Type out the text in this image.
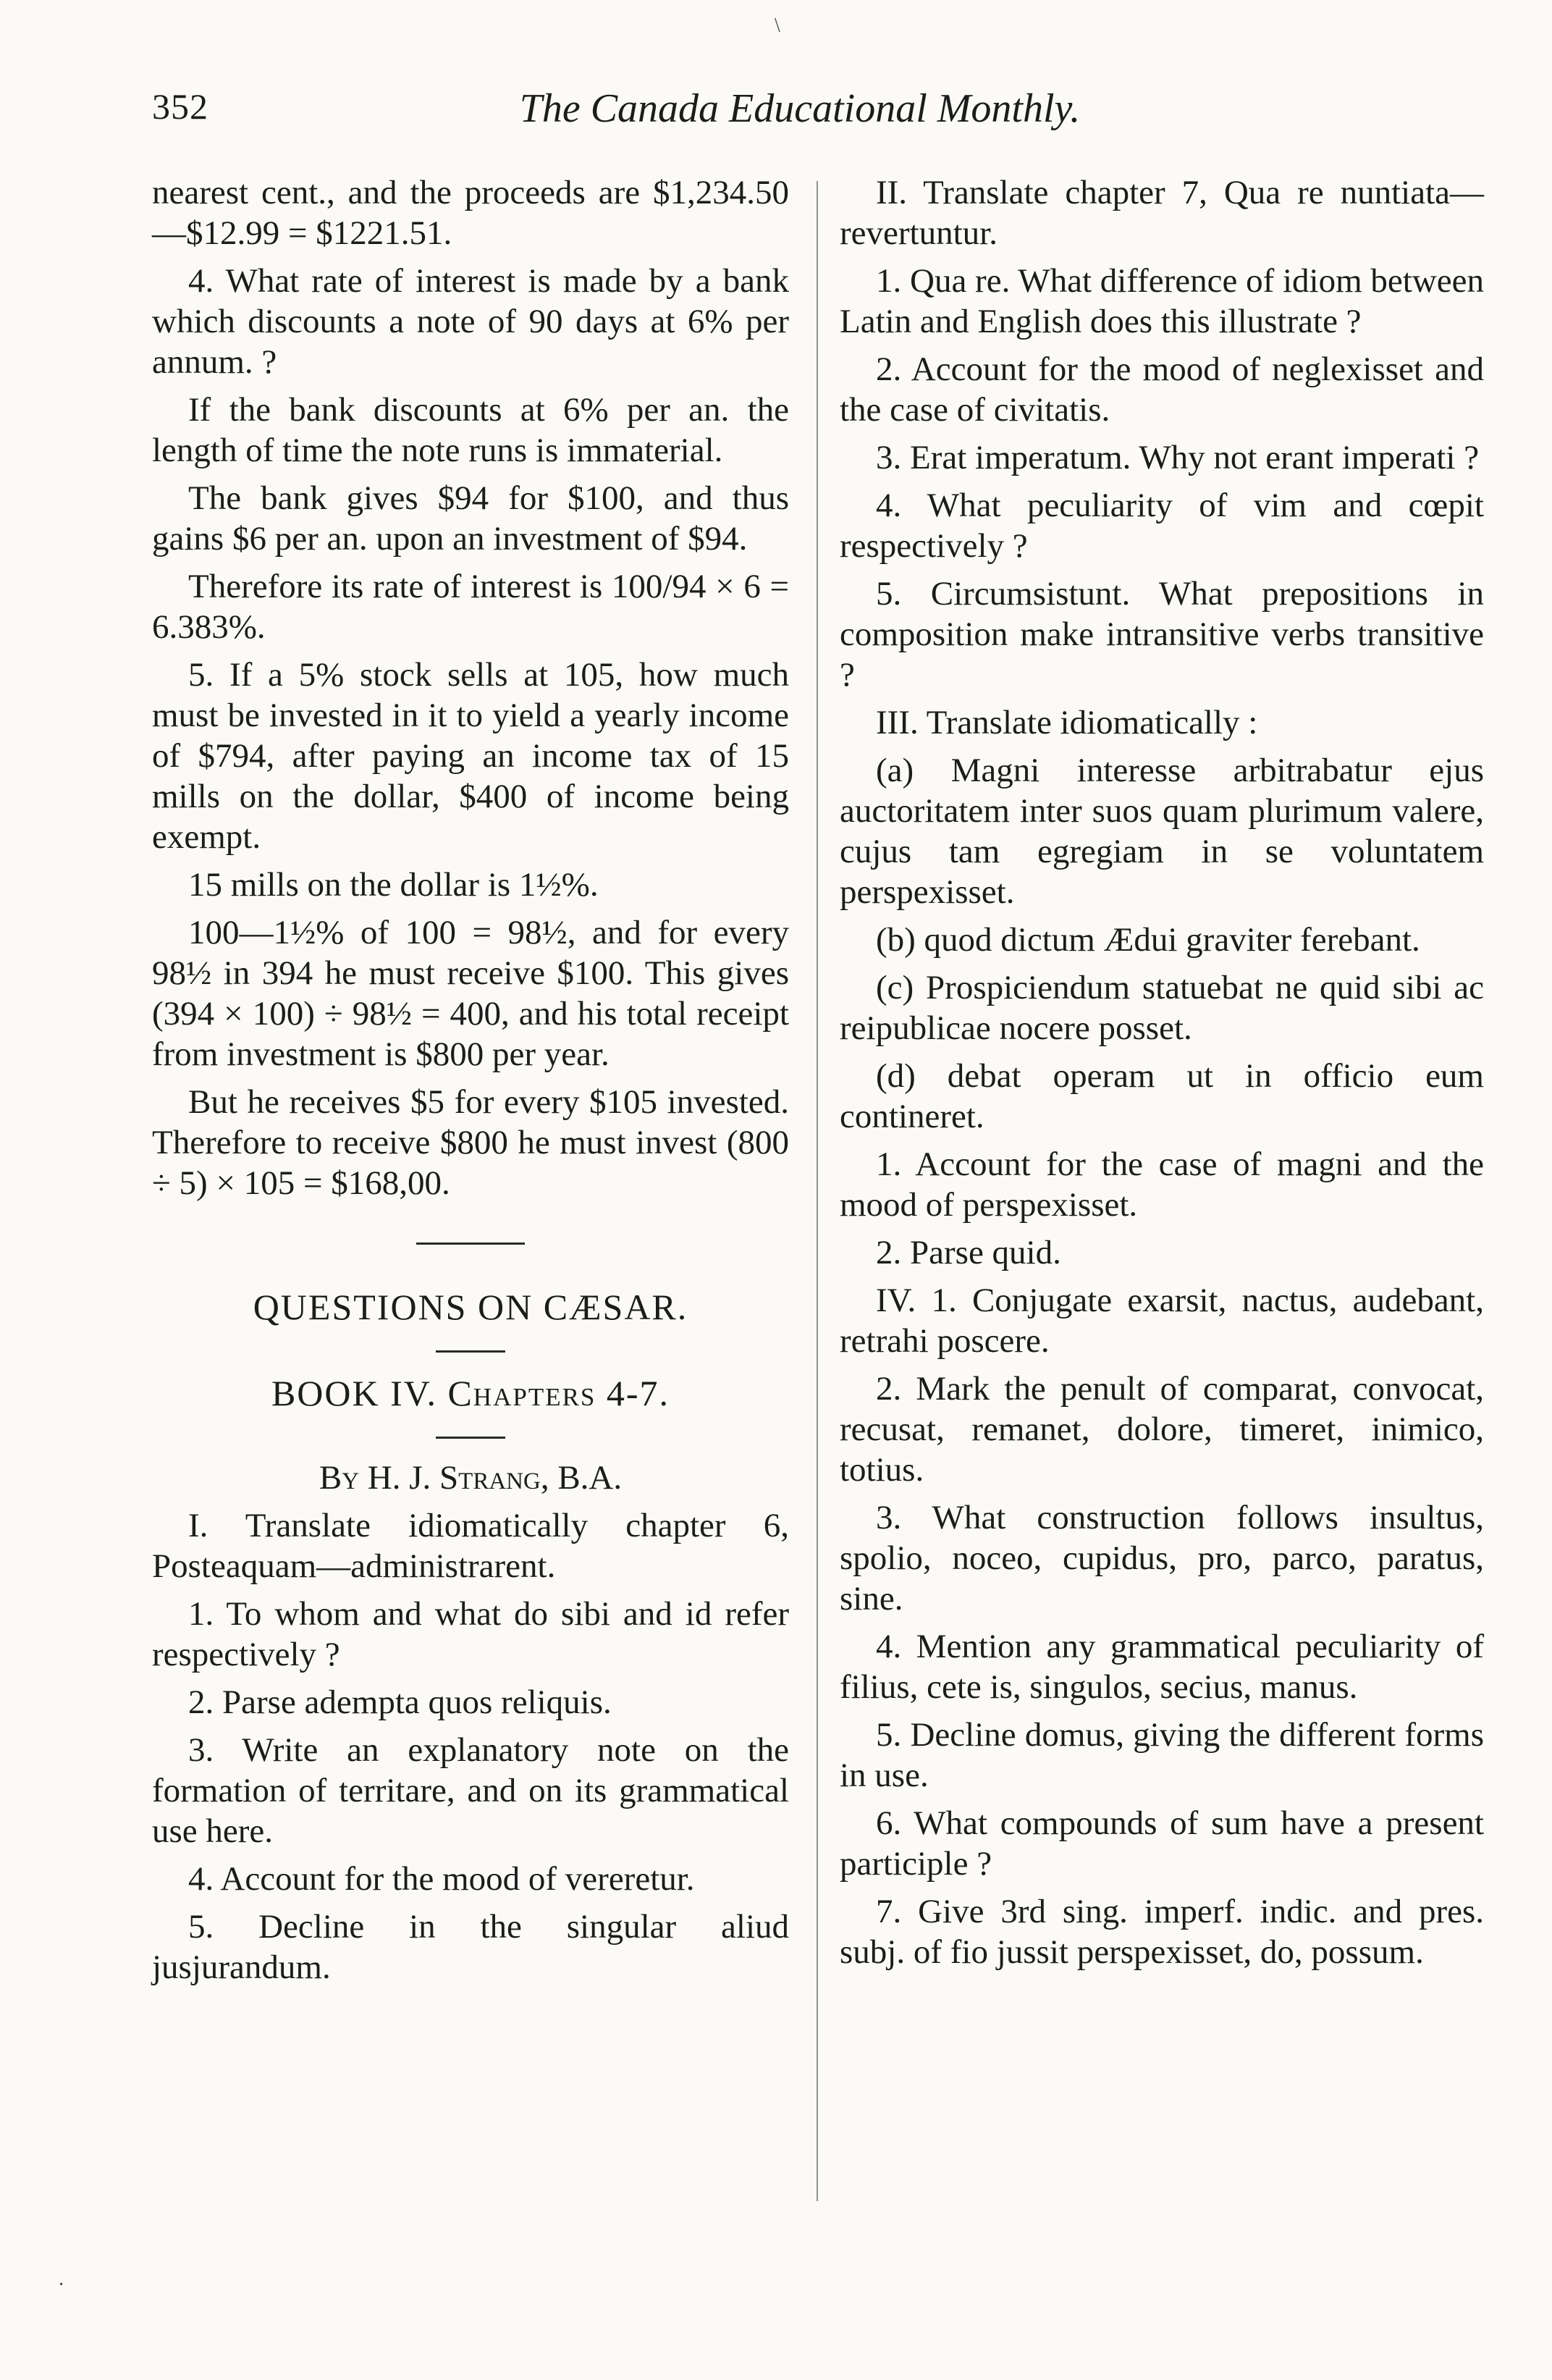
\
352	The Canada Educational Monthly.

nearest cent., and the proceeds are $1,234.50—$12.99 = $1221.51.

4. What rate of interest is made by a bank which discounts a note of 90 days at 6% per annum. ?

If the bank discounts at 6% per an. the length of time the note runs is immaterial.

The bank gives $94 for $100, and thus gains $6 per an. upon an investment of $94.

Therefore its rate of interest is 100/94 × 6 = 6.383%.

5. If a 5% stock sells at 105, how much must be invested in it to yield a yearly income of $794, after paying an income tax of 15 mills on the dollar, $400 of income being exempt.

15 mills on the dollar is 1½%.

100—1½% of 100 = 98½, and for every 98½ in 394 he must receive $100. This gives (394 × 100) ÷ 98½ = 400, and his total receipt from investment is $800 per year.

But he receives $5 for every $105 invested. Therefore to receive $800 he must invest (800 ÷ 5) × 105 = $168,00.

QUESTIONS ON CÆSAR.
BOOK IV. Chapters 4-7.

By H. J. Strang, B.A.

I. Translate idiomatically chapter 6, Posteaquam—administrarent.

1. To whom and what do sibi and id refer respectively ?

2. Parse adempta quos reliquis.

3. Write an explanatory note on the formation of territare, and on its grammatical use here.

4. Account for the mood of vereretur.

5. Decline in the singular aliud jusjurandum.

II. Translate chapter 7, Qua re nuntiata—revertuntur.

1. Qua re. What difference of idiom between Latin and English does this illustrate ?

2. Account for the mood of neglexisset and the case of civitatis.

3. Erat imperatum. Why not erant imperati ?

4. What peculiarity of vim and cœpit respectively ?

5. Circumsistunt. What prepositions in composition make intransitive verbs transitive ?

III. Translate idiomatically :

(a) Magni interesse arbitrabatur ejus auctoritatem inter suos quam plurimum valere, cujus tam egregiam in se voluntatem perspexisset.

(b) quod dictum Ædui graviter ferebant.

(c) Prospiciendum statuebat ne quid sibi ac reipublicae nocere posset.

(d) debat operam ut in officio eum contineret.

1. Account for the case of magni and the mood of perspexisset.

2. Parse quid.

IV. 1. Conjugate exarsit, nactus, audebant, retrahi poscere.

2. Mark the penult of comparat, convocat, recusat, remanet, dolore, timeret, inimico, totius.

3. What construction follows insultus, spolio, noceo, cupidus, pro, parco, paratus, sine.

4. Mention any grammatical peculiarity of filius, cete is, singulos, secius, manus.

5. Decline domus, giving the different forms in use.

6. What compounds of sum have a present participle ?

7. Give 3rd sing. imperf. indic. and pres. subj. of fio jussit perspexisset, do, possum.

·
